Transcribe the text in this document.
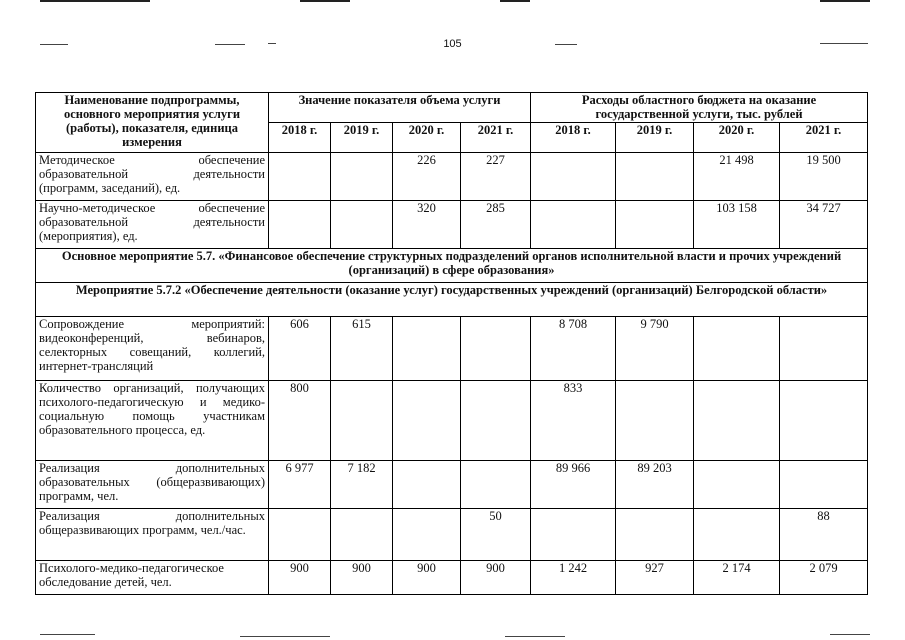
105
Наименование подпрограммы, основного мероприятия услуги (работы), показателя, единица измерения	Значение показателя объема услуги				Расходы областного бюджета на оказание государственной услуги, тыс. рублей			
	2018 г.	2019 г.	2020 г.	2021 г.	2018 г.	2019 г.	2020 г.	2021 г.
Методическое обеспечение образовательной деятельности (программ, заседаний), ед.			226	227			21 498	19 500
Научно-методическое обеспечение образовательной деятельности (мероприятия), ед.			320	285			103 158	34 727
Основное мероприятие 5.7. «Финансовое обеспечение структурных подразделений органов исполнительной власти и прочих учреждений (организаций) в сфере образования»								
Мероприятие 5.7.2 «Обеспечение деятельности (оказание услуг) государственных учреждений (организаций) Белгородской области»								
Сопровождение мероприятий: видеоконференций, вебинаров, селекторных совещаний, коллегий, интернет-трансляций	606	615			8 708	9 790		
Количество организаций, получающих психолого-педагогическую и медико-социальную помощь участникам образовательного процесса, ед.	800				833			
Реализация дополнительных образовательных (общеразвивающих) программ, чел.	6 977	7 182			89 966	89 203		
Реализация дополнительных общеразвивающих программ, чел./час.				50				88
Психолого-медико-педагогическое обследование детей, чел.	900	900	900	900	1 242	927	2 174	2 079
